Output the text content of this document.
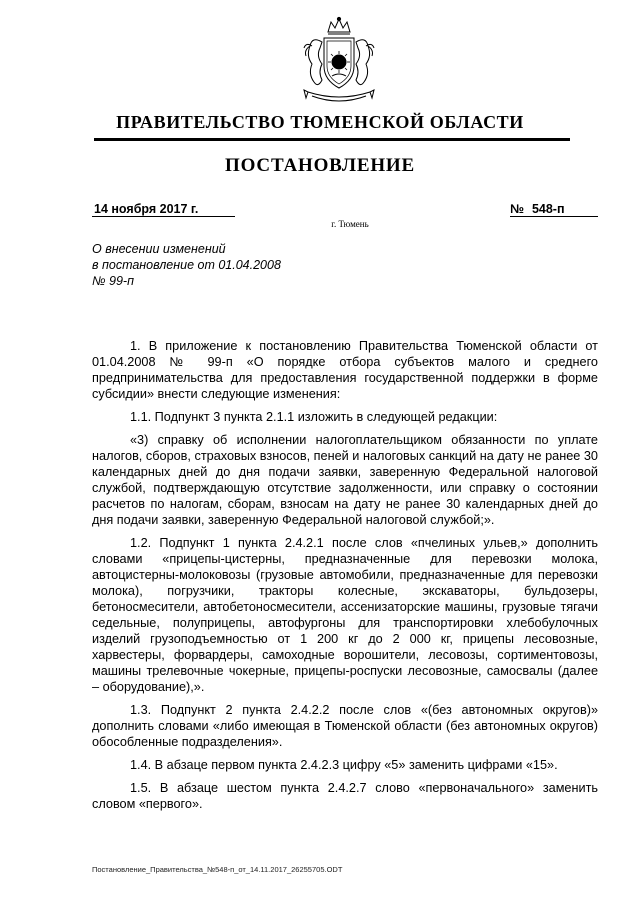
ПРАВИТЕЛЬСТВО ТЮМЕНСКОЙ ОБЛАСТИ
ПОСТАНОВЛЕНИЕ
14 ноября 2017 г.	№ 548-п
г. Тюмень
О внесении изменений
в постановление от 01.04.2008
№ 99-п

1. В приложение к постановлению Правительства Тюменской области от 01.04.2008 № 99-п «О порядке отбора субъектов малого и среднего предпринимательства для предоставления государственной поддержки в форме субсидии» внести следующие изменения:

1.1. Подпункт 3 пункта 2.1.1 изложить в следующей редакции:

«3) справку об исполнении налогоплательщиком обязанности по уплате налогов, сборов, страховых взносов, пеней и налоговых санкций на дату не ранее 30 календарных дней до дня подачи заявки, заверенную Федеральной налоговой службой, подтверждающую отсутствие задолженности, или справку о состоянии расчетов по налогам, сборам, взносам на дату не ранее 30 календарных дней до дня подачи заявки, заверенную Федеральной налоговой службой;».

1.2. Подпункт 1 пункта 2.4.2.1 после слов «пчелиных ульев,» дополнить словами «прицепы-цистерны, предназначенные для перевозки молока, автоцистерны-молоковозы (грузовые автомобили, предназначенные для перевозки молока), погрузчики, тракторы колесные, экскаваторы, бульдозеры, бетоносмесители, автобетоносмесители, ассенизаторские машины, грузовые тягачи седельные, полуприцепы, автофургоны для транспортировки хлебобулочных изделий грузоподъемностью от 1 200 кг до 2 000 кг, прицепы лесовозные, харвестеры, форвардеры, самоходные ворошители, лесовозы, сортиментовозы, машины трелевочные чокерные, прицепы-роспуски лесовозные, самосвалы (далее – оборудование),».

1.3. Подпункт 2 пункта 2.4.2.2 после слов «(без автономных округов)» дополнить словами «либо имеющая в Тюменской области (без автономных округов) обособленные подразделения».

1.4. В абзаце первом пункта 2.4.2.3 цифру «5» заменить цифрами «15».

1.5. В абзаце шестом пункта 2.4.2.7 слово «первоначального» заменить словом «первого».

Постановление_Правительства_№548-п_от_14.11.2017_26255705.ODT
